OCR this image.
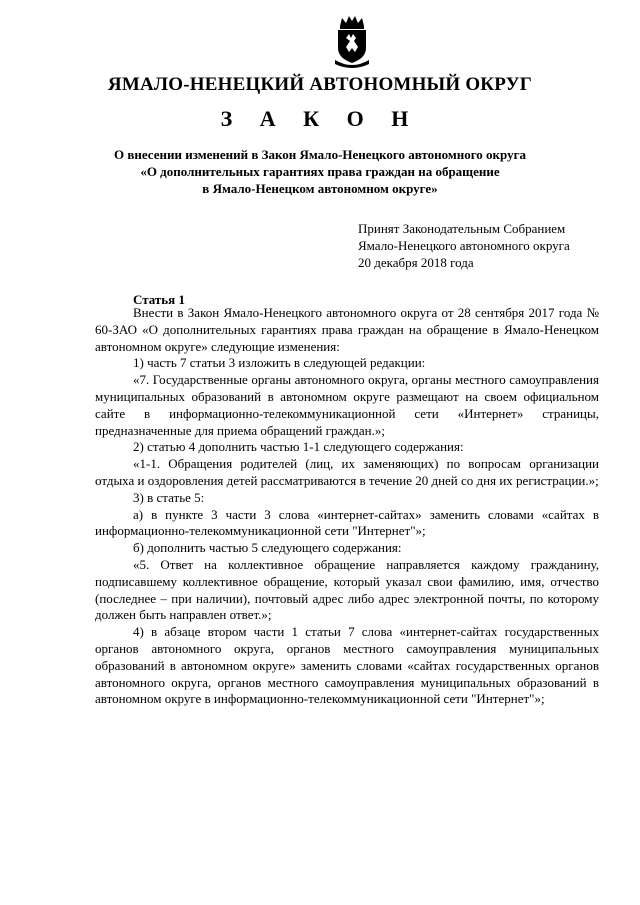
ЯМАЛО-НЕНЕЦКИЙ АВТОНОМНЫЙ ОКРУГ
З А К О Н
О внесении изменений в Закон Ямало-Ненецкого автономного округа
«О дополнительных гарантиях права граждан на обращение
в Ямало-Ненецком автономном округе»
Принят Законодательным Собранием
Ямало-Ненецкого автономного округа
20 декабря 2018 года
Статья 1

Внести в Закон Ямало-Ненецкого автономного округа от 28 сентября 2017 года № 60-ЗАО «О дополнительных гарантиях права граждан на обращение в Ямало-Ненецком автономном округе» следующие изменения:

1) часть 7 статьи 3 изложить в следующей редакции:

«7. Государственные органы автономного округа, органы местного самоуправления муниципальных образований в автономном округе размещают на своем официальном сайте в информационно-телекоммуникационной сети «Интернет» страницы, предназначенные для приема обращений граждан.»;

2) статью 4 дополнить частью 1-1 следующего содержания:

«1-1. Обращения родителей (лиц, их заменяющих) по вопросам организации отдыха и оздоровления детей рассматриваются в течение 20 дней со дня их регистрации.»;

3) в статье 5:

а) в пункте 3 части 3 слова «интернет-сайтах» заменить словами «сайтах в информационно-телекоммуникационной сети "Интернет"»;

б) дополнить частью 5 следующего содержания:

«5. Ответ на коллективное обращение направляется каждому гражданину, подписавшему коллективное обращение, который указал свои фамилию, имя, отчество (последнее – при наличии), почтовый адрес либо адрес электронной почты, по которому должен быть направлен ответ.»;

4) в абзаце втором части 1 статьи 7 слова «интернет-сайтах государственных органов автономного округа, органов местного самоуправления муниципальных образований в автономном округе» заменить словами «сайтах государственных органов автономного округа, органов местного самоуправления муниципальных образований в автономном округе в информационно-телекоммуникационной сети "Интернет"»;
